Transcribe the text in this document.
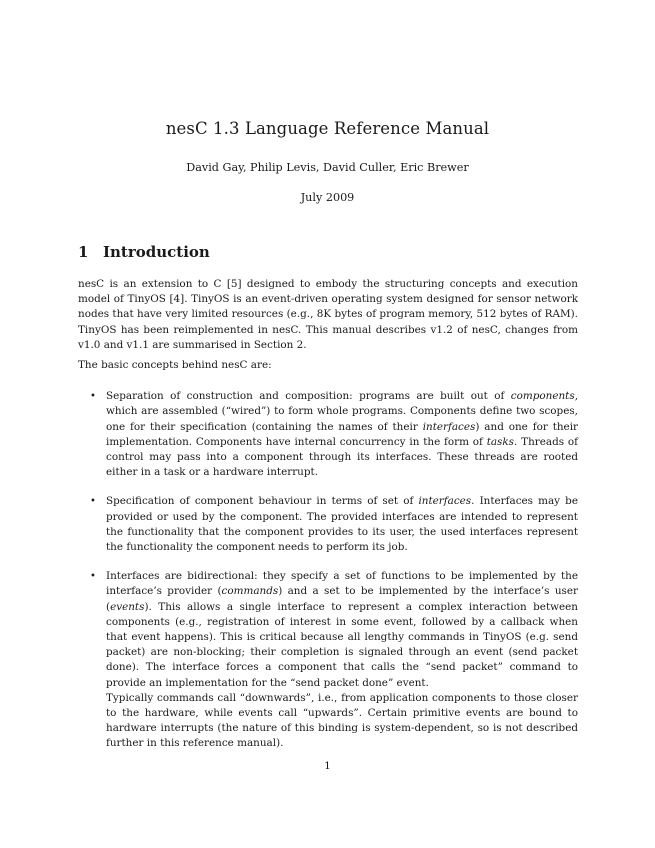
nesC 1.3 Language Reference Manual
David Gay, Philip Levis, David Culler, Eric Brewer
July 2009
1 Introduction

nesC is an extension to C [5] designed to embody the structuring concepts and execution model of TinyOS [4]. TinyOS is an event-driven operating system designed for sensor network nodes that have very limited resources (e.g., 8K bytes of program memory, 512 bytes of RAM). TinyOS has been reimplemented in nesC. This manual describes v1.2 of nesC, changes from v1.0 and v1.1 are summarised in Section 2.

The basic concepts behind nesC are:

• Separation of construction and composition: programs are built out of components, which are assembled (“wired”) to form whole programs. Components define two scopes, one for their specification (containing the names of their interfaces) and one for their implementation. Components have internal concurrency in the form of tasks. Threads of control may pass into a component through its interfaces. These threads are rooted either in a task or a hardware interrupt.
• Specification of component behaviour in terms of set of interfaces. Interfaces may be provided or used by the component. The provided interfaces are intended to represent the functionality that the component provides to its user, the used interfaces represent the functionality the component needs to perform its job.
• Interfaces are bidirectional: they specify a set of functions to be implemented by the interface’s provider (commands) and a set to be implemented by the interface’s user (events). This allows a single interface to represent a complex interaction between components (e.g., registration of interest in some event, followed by a callback when that event happens). This is critical because all lengthy commands in TinyOS (e.g. send packet) are non-blocking; their completion is signaled through an event (send packet done). The interface forces a component that calls the “send packet” command to provide an implementation for the “send packet done” event.

Typically commands call “downwards”, i.e., from application components to those closer to the hardware, while events call “upwards”. Certain primitive events are bound to hardware interrupts (the nature of this binding is system-dependent, so is not described further in this reference manual).

1
